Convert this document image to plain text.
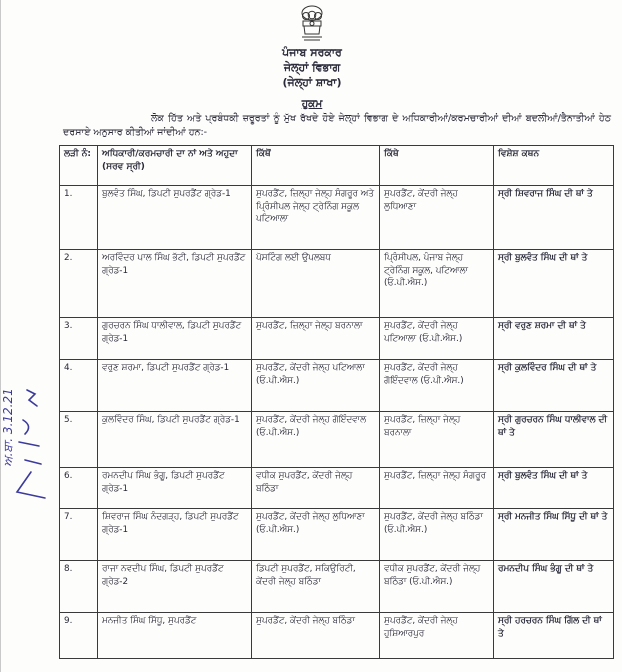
ਪੰਜਾਬ ਸਰਕਾਰ
ਜੇਲ੍ਹਾਂ ਵਿਭਾਗ
(ਜੇਲ੍ਹਾਂ ਸ਼ਾਖਾ)
ਹੁਕਮ
ਲੋਕ ਹਿੱਤ ਅਤੇ ਪ੍ਰਬੰਧਕੀ ਜ਼ਰੂਰਤਾਂ ਨੂੰ ਮੁੱਖ ਰੱਖਦੇ ਹੋਏ ਜੇਲ੍ਹਾਂ ਵਿਭਾਗ ਦੇ ਅਧਿਕਾਰੀਆਂ/ਕਰਮਚਾਰੀਆਂ ਦੀਆਂ ਬਦਲੀਆਂ/ਤੈਨਾਤੀਆਂ ਹੇਠ ਦਰਸਾਏ ਅਨੁਸਾਰ ਕੀਤੀਆਂ ਜਾਂਦੀਆਂ ਹਨ:-
ਲੜੀ ਨੰ:	ਅਧਿਕਾਰੀ/ਕਰਮਚਾਰੀ ਦਾ ਨਾਂ ਅਤੇ ਅਹੁਦਾ (ਸਰਵ ਸ੍ਰੀ)	ਕਿੱਥੋਂ	ਕਿੱਥੇ	ਵਿਸ਼ੇਸ਼ ਕਥਨ
1.	ਬੁਲਵੰਤ ਸਿੰਘ, ਡਿਪਟੀ ਸੁਪਰਡੈਂਟ ਗ੍ਰੇਡ-1	ਸੁਪਰਡੈਂਟ, ਜ਼ਿਲ੍ਹਾ ਜੇਲ੍ਹ ਸੰਗਰੂਰ ਅਤੇ ਪ੍ਰਿੰਸੀਪਲ ਜੇਲ੍ਹ ਟ੍ਰੇਨਿੰਗ ਸਕੂਲ ਪਟਿਆਲਾ	ਸੁਪਰਡੈਂਟ, ਕੇਂਦਰੀ ਜੇਲ੍ਹ ਲੁਧਿਆਣਾ	ਸ੍ਰੀ ਸ਼ਿਵਰਾਜ ਸਿੰਘ ਦੀ ਥਾਂ ਤੇ
2.	ਅਰਵਿੰਦਰ ਪਾਲ ਸਿੰਘ ਭੱਟੀ, ਡਿਪਟੀ ਸੁਪਰਡੈਂਟ ਗ੍ਰੇਡ-1	ਪੋਸਟਿੰਗ ਲਈ ਉਪਲਬਧ	ਪ੍ਰਿੰਸੀਪਲ, ਪੰਜਾਬ ਜੇਲ੍ਹ ਟ੍ਰੇਨਿੰਗ ਸਕੂਲ, ਪਟਿਆਲਾ (ਓ.ਪੀ.ਐਸ.)	ਸ੍ਰੀ ਬੁਲਵੰਤ ਸਿੰਘ ਦੀ ਥਾਂ ਤੇ
3.	ਗੁਰਚਰਨ ਸਿੰਘ ਧਾਲੀਵਾਲ, ਡਿਪਟੀ ਸੁਪਰਡੈਂਟ ਗ੍ਰੇਡ-1	ਸੁਪਰਡੈਂਟ, ਜ਼ਿਲ੍ਹਾ ਜੇਲ੍ਹ ਬਰਨਾਲਾ	ਸੁਪਰਡੈਂਟ, ਕੇਂਦਰੀ ਜੇਲ੍ਹ ਪਟਿਆਲਾ (ਓ.ਪੀ.ਐਸ.)	ਸ੍ਰੀ ਵਰੁਣ ਸ਼ਰਮਾ ਦੀ ਥਾਂ ਤੇ
4.	ਵਰੁਣ ਸ਼ਰਮਾ, ਡਿਪਟੀ ਸੁਪਰਡੈਂਟ ਗ੍ਰੇਡ-1	ਸੁਪਰਡੈਂਟ, ਕੇਂਦਰੀ ਜੇਲ੍ਹ ਪਟਿਆਲਾ (ਓ.ਪੀ.ਐਸ.)	ਸੁਪਰਡੈਂਟ, ਕੇਂਦਰੀ ਜੇਲ੍ਹ ਗੋਇੰਦਵਾਲ (ਓ.ਪੀ.ਐਸ.)	ਸ੍ਰੀ ਕੁਲਵਿੰਦਰ ਸਿੰਘ ਦੀ ਥਾਂ ਤੇ
5.	ਕੁਲਵਿੰਦਰ ਸਿੰਘ, ਡਿਪਟੀ ਸੁਪਰਡੈਂਟ ਗ੍ਰੇਡ-1	ਸੁਪਰਡੈਂਟ, ਕੇਂਦਰੀ ਜੇਲ੍ਹ ਗੋਇੰਦਵਾਲ (ਓ.ਪੀ.ਐਸ.)	ਸੁਪਰਡੈਂਟ, ਜ਼ਿਲ੍ਹਾ ਜੇਲ੍ਹ ਬਰਨਾਲਾ	ਸ੍ਰੀ ਗੁਰਚਰਨ ਸਿੰਘ ਧਾਲੀਵਾਲ ਦੀ ਥਾਂ ਤੇ
6.	ਰਮਨਦੀਪ ਸਿੰਘ ਭੰਗੂ, ਡਿਪਟੀ ਸੁਪਰਡੈਂਟ ਗ੍ਰੇਡ-1	ਵਧੀਕ ਸੁਪਰਡੈਂਟ, ਕੇਂਦਰੀ ਜੇਲ੍ਹ ਬਠਿੰਡਾ	ਸੁਪਰਡੈਂਟ, ਜ਼ਿਲ੍ਹਾ ਜੇਲ੍ਹ ਸੰਗਰੂਰ	ਸ੍ਰੀ ਬੁਲਵੰਤ ਸਿੰਘ ਦੀ ਥਾਂ ਤੇ
7.	ਸ਼ਿਵਰਾਜ ਸਿੰਘ ਨੰਦਗੜ੍ਹ, ਡਿਪਟੀ ਸੁਪਰਡੈਂਟ ਗ੍ਰੇਡ-1	ਸੁਪਰਡੈਂਟ, ਕੇਂਦਰੀ ਜੇਲ੍ਹ ਲੁਧਿਆਣਾ (ਓ.ਪੀ.ਐਸ.)	ਸੁਪਰਡੈਂਟ, ਕੇਂਦਰੀ ਜੇਲ੍ਹ ਬਠਿੰਡਾ (ਓ.ਪੀ.ਐਸ.)	ਸ੍ਰੀ ਮਨਜੀਤ ਸਿੰਘ ਸਿੱਧੂ ਦੀ ਥਾਂ ਤੇ
8.	ਰਾਜਾ ਨਵਦੀਪ ਸਿੰਘ, ਡਿਪਟੀ ਸੁਪਰਡੈਂਟ ਗ੍ਰੇਡ-2	ਡਿਪਟੀ ਸੁਪਰਡੈਂਟ, ਸਕਿਉਰਿਟੀ, ਕੇਂਦਰੀ ਜੇਲ੍ਹ ਬਠਿੰਡਾ	ਵਧੀਕ ਸੁਪਰਡੈਂਟ, ਕੇਂਦਰੀ ਜੇਲ੍ਹ ਬਠਿੰਡਾ (ਓ.ਪੀ.ਐਸ.)	ਰਮਨਦੀਪ ਸਿੰਘ ਭੰਗੂ ਦੀ ਥਾਂ ਤੇ
9.	ਮਨਜੀਤ ਸਿੰਘ ਸਿੱਧੂ, ਸੁਪਰਡੈਂਟ	ਸੁਪਰਡੈਂਟ, ਕੇਂਦਰੀ ਜੇਲ੍ਹ ਬਠਿੰਡਾ	ਸੁਪਰਡੈਂਟ, ਕੇਂਦਰੀ ਜੇਲ੍ਹ ਹੁਸ਼ਿਆਰਪੁਰ	ਸ੍ਰੀ ਹਰਚਰਨ ਸਿੰਘ ਗਿੱਲ ਦੀ ਥਾਂ ਤੇ
ਅ.ਬਾ. 3.12.21
